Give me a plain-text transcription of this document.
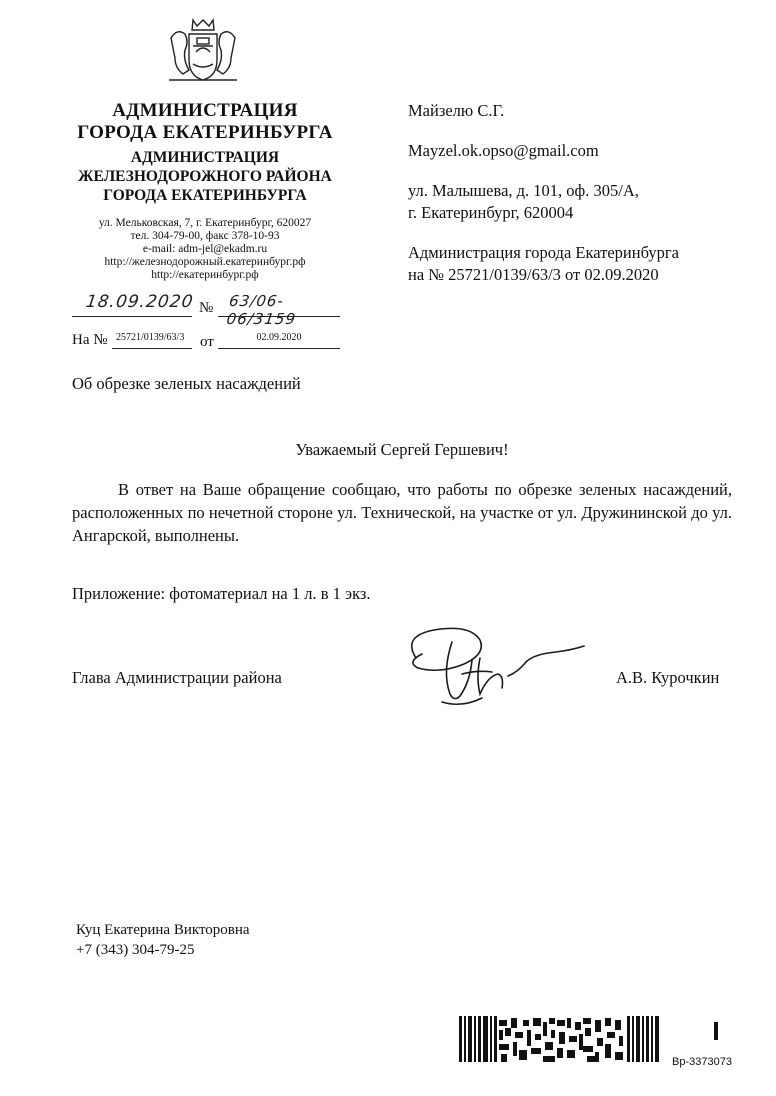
АДМИНИСТРАЦИЯ
ГОРОДА ЕКАТЕРИНБУРГА
АДМИНИСТРАЦИЯ
ЖЕЛЕЗНОДОРОЖНОГО РАЙОНА
ГОРОДА ЕКАТЕРИНБУРГА
ул. Мельковская, 7, г. Екатеринбург, 620027
тел. 304-79-00, факс 378-10-93
e-mail: adm-jel@ekadm.ru
http://железнодорожный.екатеринбург.рф
http://екатеринбург.рф
18.09.2020 № 63/06-06/3159
На № 25721/0139/63/3	от	02.09.2020
Майзелю С.Г.
Mayzel.ok.opso@gmail.com
ул. Малышева, д. 101, оф. 305/А,
г. Екатеринбург, 620004
Администрация города Екатеринбурга
на № 25721/0139/63/3 от 02.09.2020
Об обрезке зеленых насаждений
Уважаемый Сергей Гершевич!
В ответ на Ваше обращение сообщаю, что работы по обрезке зеленых насаждений, расположенных по нечетной стороне ул. Технической, на участке от ул. Дружининской до ул. Ангарской, выполнены.
Приложение: фотоматериал на 1 л. в 1 экз.
Глава Администрации района	А.В. Курочкин
Куц Екатерина Викторовна
+7 (343) 304-79-25
Вр-3373073
